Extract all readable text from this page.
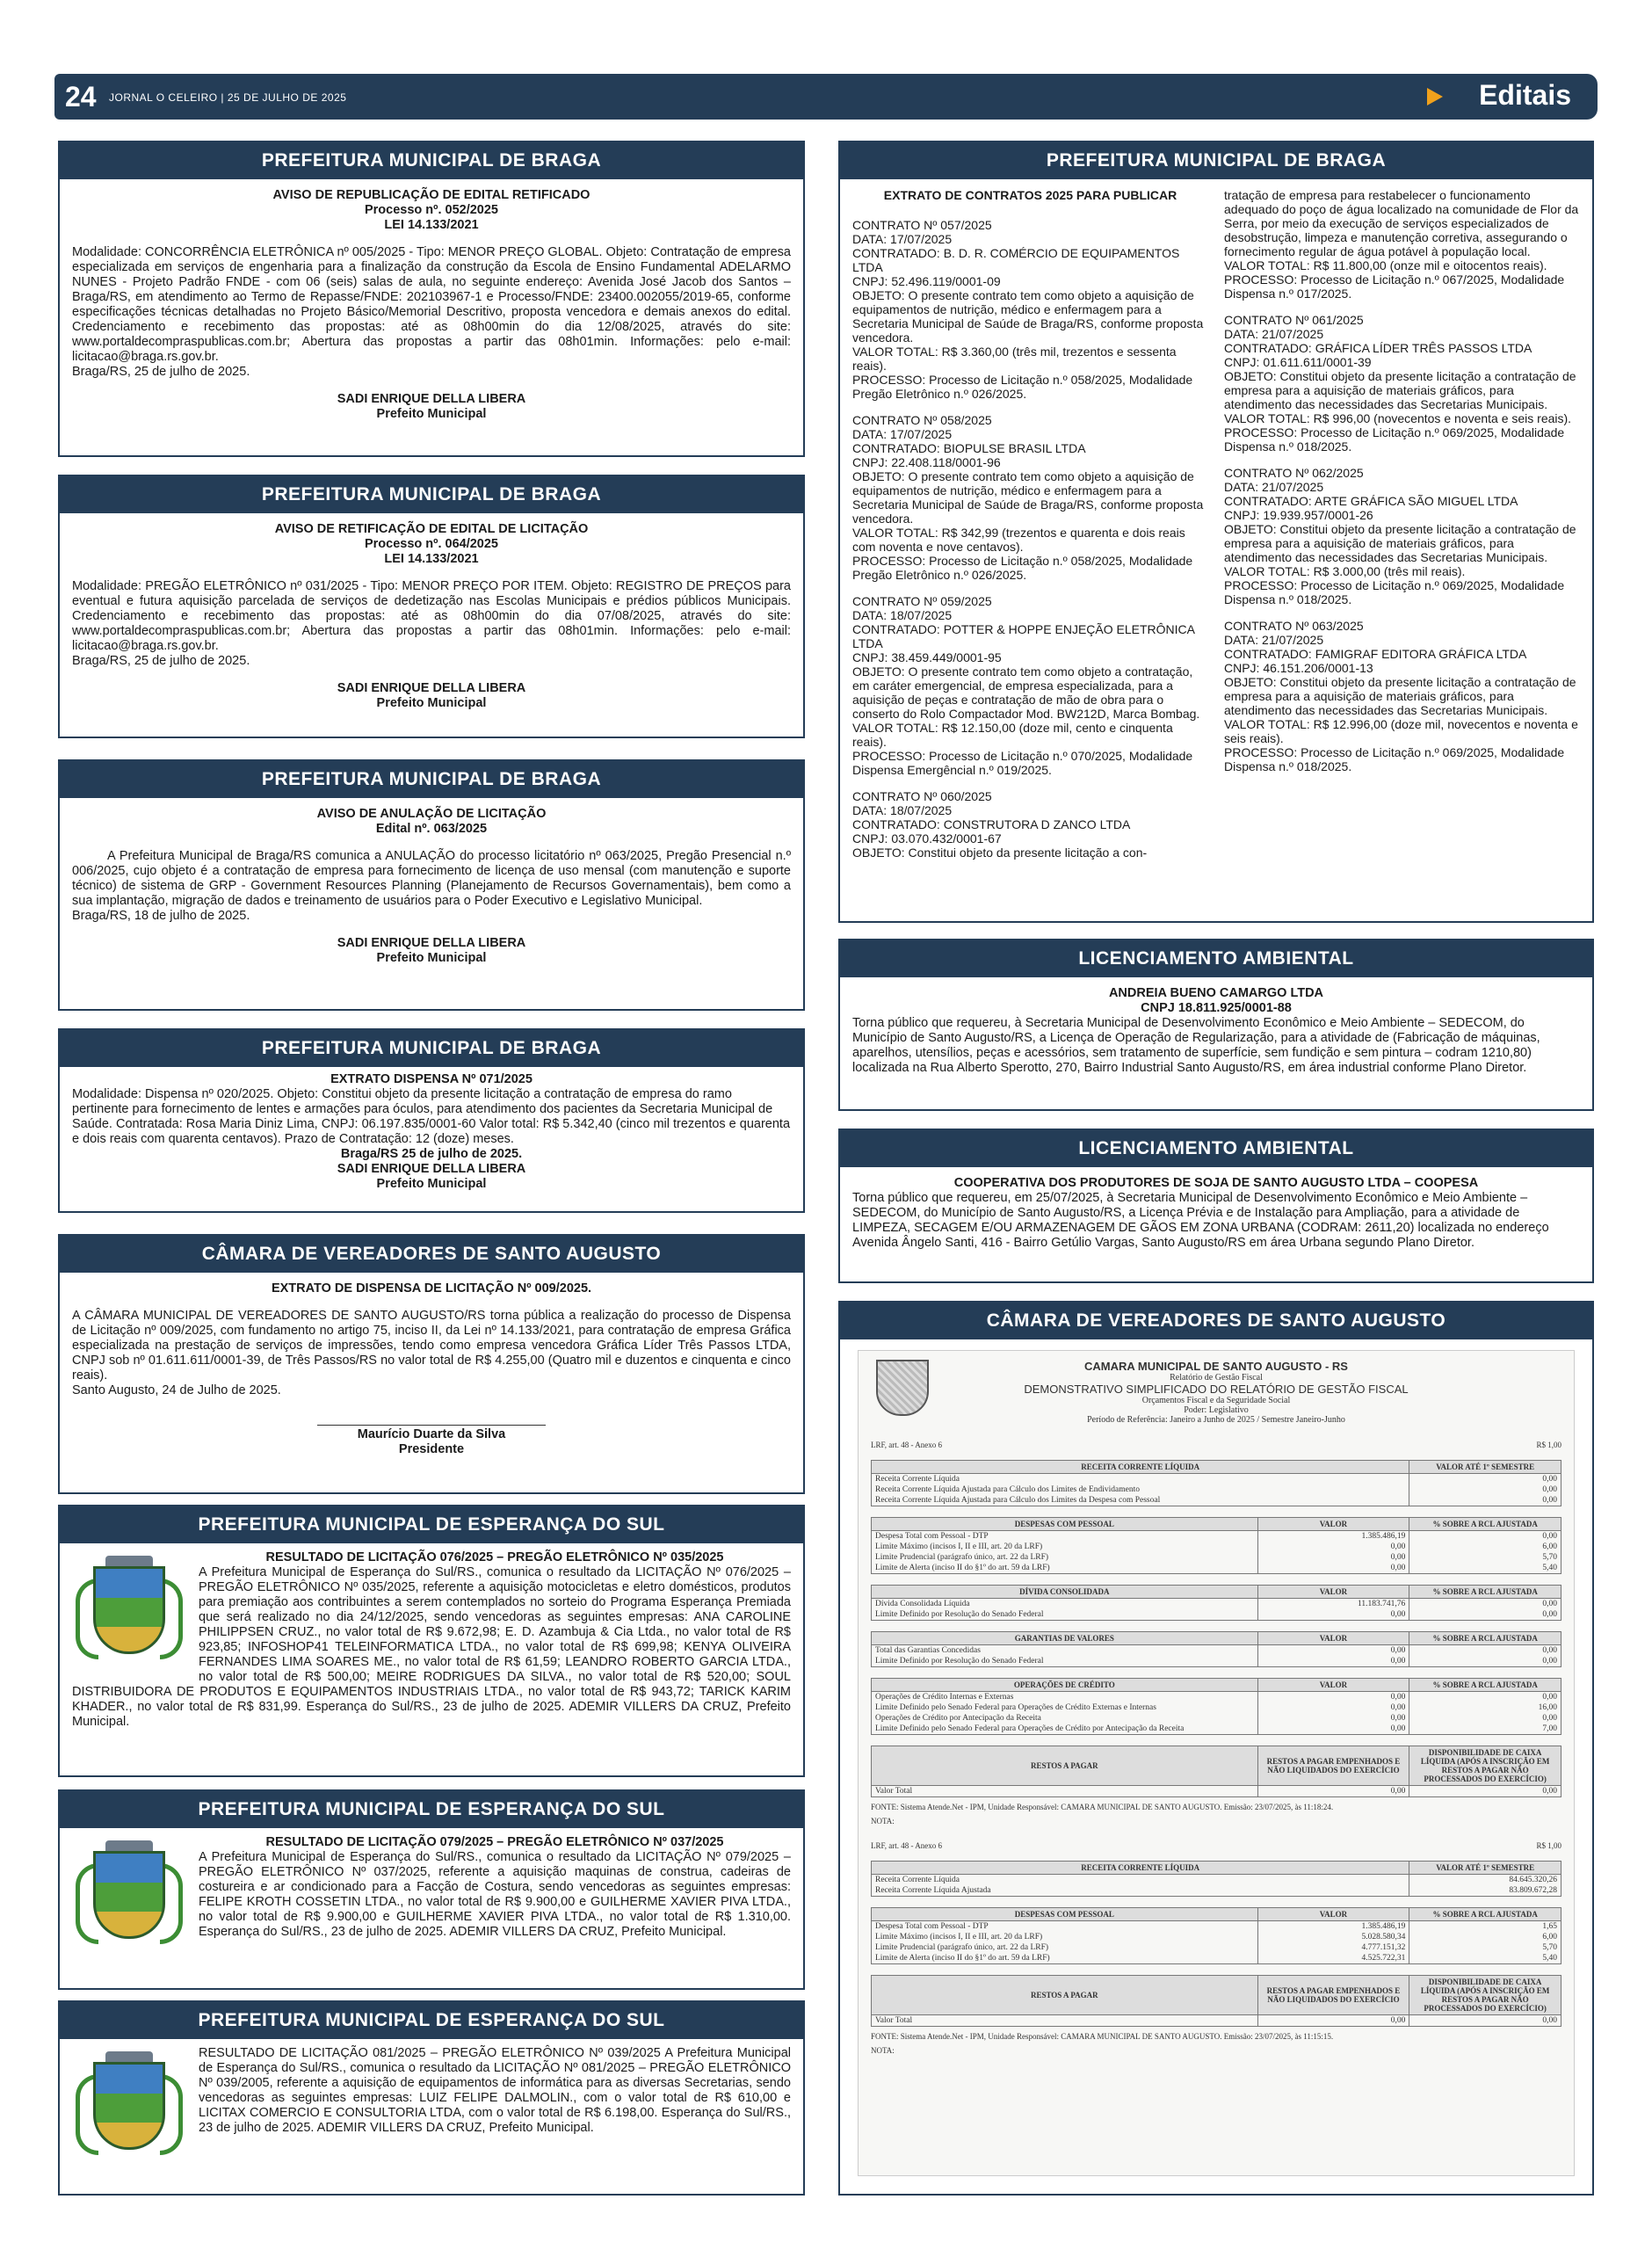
24 JORNAL O CELEIRO | 25 DE JULHO DE 2025	Editais
PREFEITURA MUNICIPAL DE BRAGA
AVISO DE REPUBLICAÇÃO DE EDITAL RETIFICADO
Processo nº. 052/2025
LEI 14.133/2021
Modalidade: CONCORRÊNCIA ELETRÔNICA nº 005/2025 - Tipo: MENOR PREÇO GLOBAL. Objeto: Contratação de empresa especializada em serviços de engenharia para a finalização da construção da Escola de Ensino Fundamental ADELARMO NUNES - Projeto Padrão FNDE - com 06 (seis) salas de aula, no seguinte endereço: Avenida José Jacob dos Santos – Braga/RS, em atendimento ao Termo de Repasse/FNDE: 202103967-1 e Processo/FNDE: 23400.002055/2019-65, conforme especificações técnicas detalhadas no Projeto Básico/Memorial Descritivo, proposta vencedora e demais anexos do edital. Credenciamento e recebimento das propostas: até as 08h00min do dia 12/08/2025, através do site: www.portaldecompraspublicas.com.br; Abertura das propostas a partir das 08h01min. Informações: pelo e-mail: licitacao@braga.rs.gov.br.
Braga/RS, 25 de julho de 2025.
SADI ENRIQUE DELLA LIBERA
Prefeito Municipal
PREFEITURA MUNICIPAL DE BRAGA
AVISO DE RETIFICAÇÃO DE EDITAL DE LICITAÇÃO
Processo nº. 064/2025
LEI 14.133/2021
Modalidade: PREGÃO ELETRÔNICO nº 031/2025 - Tipo: MENOR PREÇO POR ITEM. Objeto: REGISTRO DE PREÇOS para eventual e futura aquisição parcelada de serviços de dedetização nas Escolas Municipais e prédios públicos Municipais. Credenciamento e recebimento das propostas: até as 08h00min do dia 07/08/2025, através do site: www.portaldecompraspublicas.com.br; Abertura das propostas a partir das 08h01min. Informações: pelo e-mail: licitacao@braga.rs.gov.br.
Braga/RS, 25 de julho de 2025.
SADI ENRIQUE DELLA LIBERA
Prefeito Municipal
PREFEITURA MUNICIPAL DE BRAGA
AVISO DE ANULAÇÃO DE LICITAÇÃO
Edital nº. 063/2025
A Prefeitura Municipal de Braga/RS comunica a ANULAÇÃO do processo licitatório nº 063/2025, Pregão Presencial n.º 006/2025, cujo objeto é a contratação de empresa para fornecimento de licença de uso mensal (com manutenção e suporte técnico) de sistema de GRP - Government Resources Planning (Planejamento de Recursos Governamentais), bem como a sua implantação, migração de dados e treinamento de usuários para o Poder Executivo e Legislativo Municipal.
Braga/RS, 18 de julho de 2025.
SADI ENRIQUE DELLA LIBERA
Prefeito Municipal
PREFEITURA MUNICIPAL DE BRAGA
EXTRATO DISPENSA Nº 071/2025
Modalidade: Dispensa nº 020/2025. Objeto: Constitui objeto da presente licitação a contratação de empresa do ramo pertinente para fornecimento de lentes e armações para óculos, para atendimento dos pacientes da Secretaria Municipal de Saúde. Contratada: Rosa Maria Diniz Lima, CNPJ: 06.197.835/0001-60 Valor total: R$ 5.342,40 (cinco mil trezentos e quarenta e dois reais com quarenta centavos). Prazo de Contratação: 12 (doze) meses.
Braga/RS 25 de julho de 2025.
SADI ENRIQUE DELLA LIBERA
Prefeito Municipal
CÂMARA DE VEREADORES DE SANTO AUGUSTO
EXTRATO DE DISPENSA DE LICITAÇÃO Nº 009/2025.
A CÂMARA MUNICIPAL DE VEREADORES DE SANTO AUGUSTO/RS torna pública a realização do processo de Dispensa de Licitação nº 009/2025, com fundamento no artigo 75, inciso II, da Lei nº 14.133/2021, para contratação de empresa Gráfica especializada na prestação de serviços de impressões, tendo como empresa vencedora Gráfica Líder Três Passos LTDA, CNPJ sob nº 01.611.611/0001-39, de Três Passos/RS no valor total de R$ 4.255,00 (Quatro mil e duzentos e cinquenta e cinco reais).
Santo Augusto, 24 de Julho de 2025.
Maurício Duarte da Silva
Presidente
PREFEITURA MUNICIPAL DE ESPERANÇA DO SUL
RESULTADO DE LICITAÇÃO 076/2025 – PREGÃO ELETRÔNICO Nº 035/2025
A Prefeitura Municipal de Esperança do Sul/RS., comunica o resultado da LICITAÇÃO Nº 076/2025 – PREGÃO ELETRÔNICO Nº 035/2025, referente a aquisição motocicletas e eletro domésticos, produtos para premiação aos contribuintes a serem contemplados no sorteio do Programa Esperança Premiada que será realizado no dia 24/12/2025, sendo vencedoras as seguintes empresas: ANA CAROLINE PHILIPPSEN CRUZ., no valor total de R$ 9.672,98; E. D. Azambuja & Cia Ltda., no valor total de R$ 923,85; INFOSHOP41 TELEINFORMATICA LTDA., no valor total de R$ 699,98; KENYA OLIVEIRA FERNANDES LIMA SOARES ME., no valor total de R$ 61,59; LEANDRO ROBERTO GARCIA LTDA., no valor total de R$ 500,00; MEIRE RODRIGUES DA SILVA., no valor total de R$ 520,00; SOUL DISTRIBUIDORA DE PRODUTOS E EQUIPAMENTOS INDUSTRIAIS LTDA., no valor total de R$ 943,72; TARICK KARIM KHADER., no valor total de R$ 831,99. Esperança do Sul/RS., 23 de julho de 2025. ADEMIR VILLERS DA CRUZ, Prefeito Municipal.
PREFEITURA MUNICIPAL DE ESPERANÇA DO SUL
RESULTADO DE LICITAÇÃO 079/2025 – PREGÃO ELETRÔNICO Nº 037/2025
A Prefeitura Municipal de Esperança do Sul/RS., comunica o resultado da LICITAÇÃO Nº 079/2025 – PREGÃO ELETRÔNICO Nº 037/2025, referente a aquisição maquinas de construa, cadeiras de costureira e ar condicionado para a Facção de Costura, sendo vencedoras as seguintes empresas: FELIPE KROTH COSSETIN LTDA., no valor total de R$ 9.900,00 e GUILHERME XAVIER PIVA LTDA., no valor total de R$ 9.900,00 e GUILHERME XAVIER PIVA LTDA., no valor total de R$ 1.310,00. Esperança do Sul/RS., 23 de julho de 2025. ADEMIR VILLERS DA CRUZ, Prefeito Municipal.
PREFEITURA MUNICIPAL DE ESPERANÇA DO SUL
RESULTADO DE LICITAÇÃO 081/2025 – PREGÃO ELETRÔNICO Nº 039/2025 A Prefeitura Municipal de Esperança do Sul/RS., comunica o resultado da LICITAÇÃO Nº 081/2025 – PREGÃO ELETRÔNICO Nº 039/2005, referente a aquisição de equipamentos de informática para as diversas Secretarias, sendo vencedoras as seguintes empresas: LUIZ FELIPE DALMOLIN., com o valor total de R$ 610,00 e LICITAX COMERCIO E CONSULTORIA LTDA, com o valor total de R$ 6.198,00. Esperança do Sul/RS., 23 de julho de 2025. ADEMIR VILLERS DA CRUZ, Prefeito Municipal.
PREFEITURA MUNICIPAL DE BRAGA
EXTRATO DE CONTRATOS 2025 PARA PUBLICAR

CONTRATO Nº 057/2025

DATA: 17/07/2025

CONTRATADO: B. D. R. COMÉRCIO DE EQUIPAMENTOS LTDA

CNPJ: 52.496.119/0001-09

OBJETO: O presente contrato tem como objeto a aquisição de equipamentos de nutrição, médico e enfermagem para a Secretaria Municipal de Saúde de Braga/RS, conforme proposta vencedora.

VALOR TOTAL: R$ 3.360,00 (três mil, trezentos e sessenta reais).

PROCESSO: Processo de Licitação n.º 058/2025, Modalidade Pregão Eletrônico n.º 026/2025.

CONTRATO Nº 058/2025

DATA: 17/07/2025

CONTRATADO: BIOPULSE BRASIL LTDA

CNPJ: 22.408.118/0001-96

OBJETO: O presente contrato tem como objeto a aquisição de equipamentos de nutrição, médico e enfermagem para a Secretaria Municipal de Saúde de Braga/RS, conforme proposta vencedora.

VALOR TOTAL: R$ 342,99 (trezentos e quarenta e dois reais com noventa e nove centavos).

PROCESSO: Processo de Licitação n.º 058/2025, Modalidade Pregão Eletrônico n.º 026/2025.

CONTRATO Nº 059/2025

DATA: 18/07/2025

CONTRATADO: POTTER & HOPPE ENJEÇÃO ELETRÔNICA LTDA

CNPJ: 38.459.449/0001-95

OBJETO: O presente contrato tem como objeto a contratação, em caráter emergencial, de empresa especializada, para a aquisição de peças e contratação de mão de obra para o conserto do Rolo Compactador Mod. BW212D, Marca Bombag.

VALOR TOTAL: R$ 12.150,00 (doze mil, cento e cinquenta reais).

PROCESSO: Processo de Licitação n.º 070/2025, Modalidade Dispensa Emergêncial n.º 019/2025.

CONTRATO Nº 060/2025

DATA: 18/07/2025

CONTRATADO: CONSTRUTORA D ZANCO LTDA

CNPJ: 03.070.432/0001-67

OBJETO: Constitui objeto da presente licitação a con-

tratação de empresa para restabelecer o funcionamento adequado do poço de água localizado na comunidade de Flor da Serra, por meio da execução de serviços especializados de desobstrução, limpeza e manutenção corretiva, assegurando o fornecimento regular de água potável à população local.

VALOR TOTAL: R$ 11.800,00 (onze mil e oitocentos reais).

PROCESSO: Processo de Licitação n.º 067/2025, Modalidade Dispensa n.º 017/2025.

CONTRATO Nº 061/2025

DATA: 21/07/2025

CONTRATADO: GRÁFICA LÍDER TRÊS PASSOS LTDA

CNPJ: 01.611.611/0001-39

OBJETO: Constitui objeto da presente licitação a contratação de empresa para a aquisição de materiais gráficos, para atendimento das necessidades das Secretarias Municipais.

VALOR TOTAL: R$ 996,00 (novecentos e noventa e seis reais).

PROCESSO: Processo de Licitação n.º 069/2025, Modalidade Dispensa n.º 018/2025.

CONTRATO Nº 062/2025

DATA: 21/07/2025

CONTRATADO: ARTE GRÁFICA SÃO MIGUEL LTDA

CNPJ: 19.939.957/0001-26

OBJETO: Constitui objeto da presente licitação a contratação de empresa para a aquisição de materiais gráficos, para atendimento das necessidades das Secretarias Municipais.

VALOR TOTAL: R$ 3.000,00 (três mil reais).

PROCESSO: Processo de Licitação n.º 069/2025, Modalidade Dispensa n.º 018/2025.

CONTRATO Nº 063/2025

DATA: 21/07/2025

CONTRATADO: FAMIGRAF EDITORA GRÁFICA LTDA

CNPJ: 46.151.206/0001-13

OBJETO: Constitui objeto da presente licitação a contratação de empresa para a aquisição de materiais gráficos, para atendimento das necessidades das Secretarias Municipais.

VALOR TOTAL: R$ 12.996,00 (doze mil, novecentos e noventa e seis reais).

PROCESSO: Processo de Licitação n.º 069/2025, Modalidade Dispensa n.º 018/2025.

LICENCIAMENTO AMBIENTAL
ANDREIA BUENO CAMARGO LTDA
CNPJ 18.811.925/0001-88
Torna público que requereu, à Secretaria Municipal de Desenvolvimento Econômico e Meio Ambiente – SEDECOM, do Município de Santo Augusto/RS, a Licença de Operação de Regularização, para a atividade de (Fabricação de máquinas, aparelhos, utensílios, peças e acessórios, sem tratamento de superfície, sem fundição e sem pintura – codram 1210,80) localizada na Rua Alberto Sperotto, 270, Bairro Industrial Santo Augusto/RS, em área industrial conforme Plano Diretor.
LICENCIAMENTO AMBIENTAL
COOPERATIVA DOS PRODUTORES DE SOJA DE SANTO AUGUSTO LTDA – COOPESA
Torna público que requereu, em 25/07/2025, à Secretaria Municipal de Desenvolvimento Econômico e Meio Ambiente – SEDECOM, do Município de Santo Augusto/RS, a Licença Prévia e de Instalação para Ampliação, para a atividade de LIMPEZA, SECAGEM E/OU ARMAZENAGEM DE GÃOS EM ZONA URBANA (CODRAM: 2611,20) localizada no endereço Avenida Ângelo Santi, 416 - Bairro Getúlio Vargas, Santo Augusto/RS em área Urbana segundo Plano Diretor.
CÂMARA DE VEREADORES DE SANTO AUGUSTO
CAMARA MUNICIPAL DE SANTO AUGUSTO - RS
Relatório de Gestão Fiscal
DEMONSTRATIVO SIMPLIFICADO DO RELATÓRIO DE GESTÃO FISCAL
Orçamentos Fiscal e da Seguridade Social
Poder: Legislativo
Período de Referência: Janeiro a Junho de 2025 / Semestre Janeiro-Junho
LRF, art. 48 - Anexo 6	R$ 1,00
RECEITA CORRENTE LÍQUIDA	VALOR ATÉ 1º SEMESTRE
Receita Corrente Líquida	0,00
Receita Corrente Líquida Ajustada para Cálculo dos Limites de Endividamento	0,00
Receita Corrente Líquida Ajustada para Cálculo dos Limites da Despesa com Pessoal	0,00
DESPESAS COM PESSOAL	VALOR	% SOBRE A RCL AJUSTADA
Despesa Total com Pessoal - DTP	1.385.486,19	0,00
Limite Máximo (incisos I, II e III, art. 20 da LRF)	0,00	6,00
Limite Prudencial (parágrafo único, art. 22 da LRF)	0,00	5,70
Limite de Alerta (inciso II do §1º do art. 59 da LRF)	0,00	5,40
DÍVIDA CONSOLIDADA	VALOR	% SOBRE A RCL AJUSTADA
Dívida Consolidada Líquida	11.183.741,76	0,00
Limite Definido por Resolução do Senado Federal	0,00	0,00
GARANTIAS DE VALORES	VALOR	% SOBRE A RCL AJUSTADA
Total das Garantias Concedidas	0,00	0,00
Limite Definido por Resolução do Senado Federal	0,00	0,00
OPERAÇÕES DE CRÉDITO	VALOR	% SOBRE A RCL AJUSTADA
Operações de Crédito Internas e Externas	0,00	0,00
Limite Definido pelo Senado Federal para Operações de Crédito Externas e Internas	0,00	16,00
Operações de Crédito por Antecipação da Receita	0,00	0,00
Limite Definido pelo Senado Federal para Operações de Crédito por Antecipação da Receita	0,00	7,00
RESTOS A PAGAR	RESTOS A PAGAR EMPENHADOS E NÃO LIQUIDADOS DO EXERCÍCIO	DISPONIBILIDADE DE CAIXA LÍQUIDA (APÓS A INSCRIÇÃO EM RESTOS A PAGAR NÃO PROCESSADOS DO EXERCÍCIO)
Valor Total	0,00	0,00
FONTE: Sistema Atende.Net - IPM, Unidade Responsável: CAMARA MUNICIPAL DE SANTO AUGUSTO. Emissão: 23/07/2025, às 11:18:24.
NOTA:
LRF, art. 48 - Anexo 6	R$ 1,00
RECEITA CORRENTE LÍQUIDA	VALOR ATÉ 1º SEMESTRE
Receita Corrente Líquida	84.645.320,26
Receita Corrente Líquida Ajustada	83.809.672,28
DESPESAS COM PESSOAL	VALOR	% SOBRE A RCL AJUSTADA
Despesa Total com Pessoal - DTP	1.385.486,19	1,65
Limite Máximo (incisos I, II e III, art. 20 da LRF)	5.028.580,34	6,00
Limite Prudencial (parágrafo único, art. 22 da LRF)	4.777.151,32	5,70
Limite de Alerta (inciso II do §1º do art. 59 da LRF)	4.525.722,31	5,40
RESTOS A PAGAR	RESTOS A PAGAR EMPENHADOS E NÃO LIQUIDADOS DO EXERCÍCIO	DISPONIBILIDADE DE CAIXA LÍQUIDA (APÓS A INSCRIÇÃO EM RESTOS A PAGAR NÃO PROCESSADOS DO EXERCÍCIO)
Valor Total	0,00	0,00
FONTE: Sistema Atende.Net - IPM, Unidade Responsável: CAMARA MUNICIPAL DE SANTO AUGUSTO. Emissão: 23/07/2025, às 11:15:15.
NOTA:
